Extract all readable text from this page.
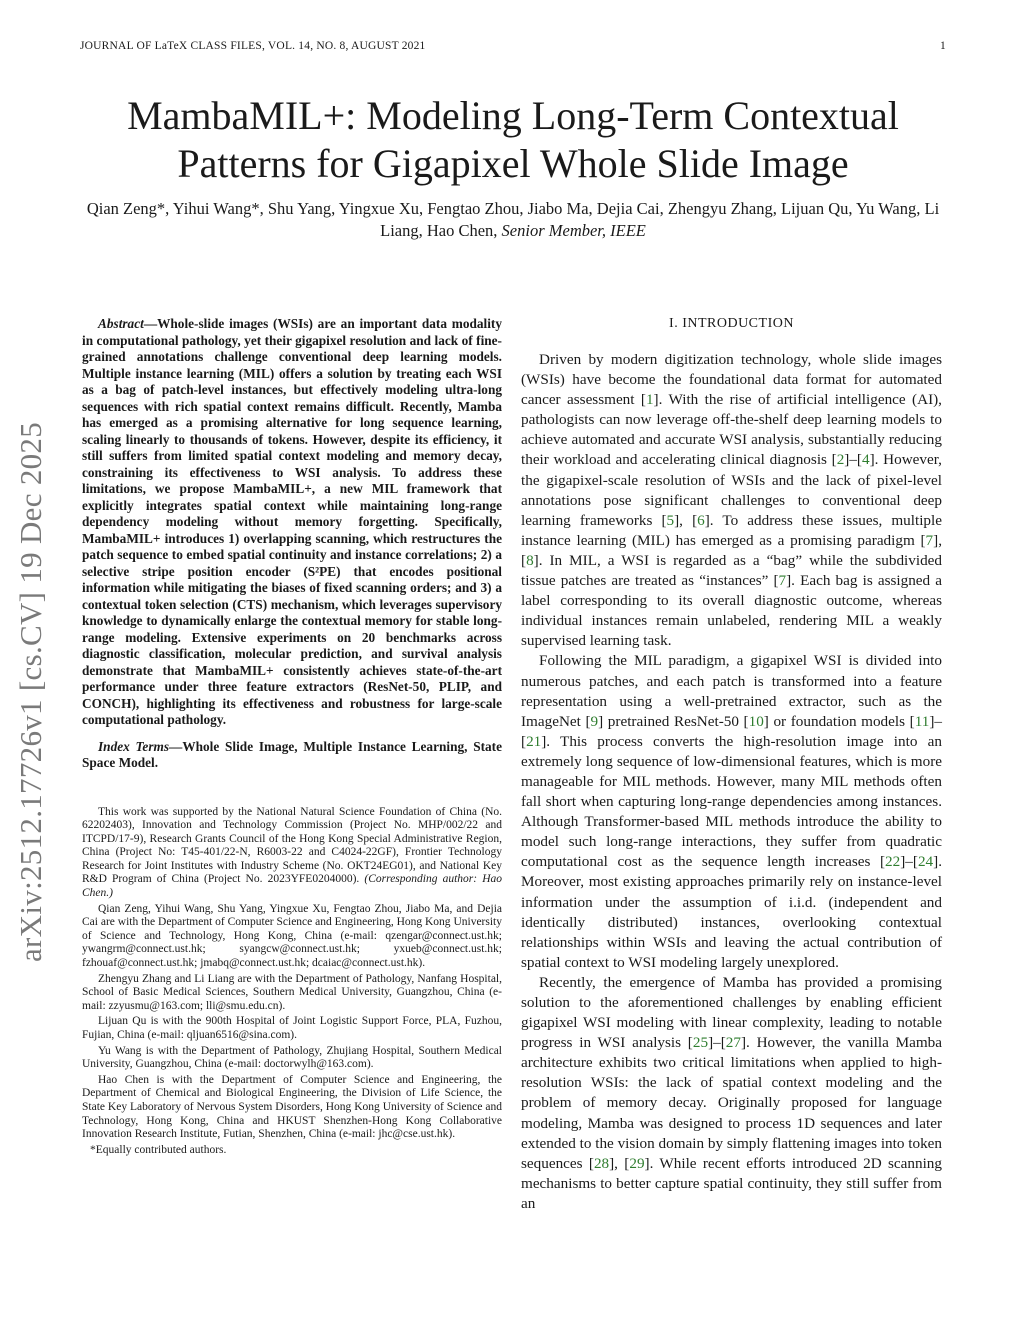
JOURNAL OF LaTeX CLASS FILES, VOL. 14, NO. 8, AUGUST 2021	1
arXiv:2512.17726v1 [cs.CV] 19 Dec 2025
MambaMIL+: Modeling Long-Term Contextual Patterns for Gigapixel Whole Slide Image
Qian Zeng*, Yihui Wang*, Shu Yang, Yingxue Xu, Fengtao Zhou, Jiabo Ma, Dejia Cai, Zhengyu Zhang, Lijuan Qu, Yu Wang, Li Liang, Hao Chen, Senior Member, IEEE

Abstract—Whole-slide images (WSIs) are an important data modality in computational pathology, yet their gigapixel resolution and lack of fine-grained annotations challenge conventional deep learning models. Multiple instance learning (MIL) offers a solution by treating each WSI as a bag of patch-level instances, but effectively modeling ultra-long sequences with rich spatial context remains difficult. Recently, Mamba has emerged as a promising alternative for long sequence learning, scaling linearly to thousands of tokens. However, despite its efficiency, it still suffers from limited spatial context modeling and memory decay, constraining its effectiveness to WSI analysis. To address these limitations, we propose MambaMIL+, a new MIL framework that explicitly integrates spatial context while maintaining long-range dependency modeling without memory forgetting. Specifically, MambaMIL+ introduces 1) overlapping scanning, which restructures the patch sequence to embed spatial continuity and instance correlations; 2) a selective stripe position encoder (S²PE) that encodes positional information while mitigating the biases of fixed scanning orders; and 3) a contextual token selection (CTS) mechanism, which leverages supervisory knowledge to dynamically enlarge the contextual memory for stable long-range modeling. Extensive experiments on 20 benchmarks across diagnostic classification, molecular prediction, and survival analysis demonstrate that MambaMIL+ consistently achieves state-of-the-art performance under three feature extractors (ResNet-50, PLIP, and CONCH), highlighting its effectiveness and robustness for large-scale computational pathology.

Index Terms—Whole Slide Image, Multiple Instance Learning, State Space Model.

This work was supported by the National Natural Science Foundation of China (No. 62202403), Innovation and Technology Commission (Project No. MHP/002/22 and ITCPD/17-9), Research Grants Council of the Hong Kong Special Administrative Region, China (Project No: T45-401/22-N, R6003-22 and C4024-22GF), Frontier Technology Research for Joint Institutes with Industry Scheme (No. OKT24EG01), and National Key R&D Program of China (Project No. 2023YFE0204000). (Corresponding author: Hao Chen.)

Qian Zeng, Yihui Wang, Shu Yang, Yingxue Xu, Fengtao Zhou, Jiabo Ma, and Dejia Cai are with the Department of Computer Science and Engineering, Hong Kong University of Science and Technology, Hong Kong, China (e-mail: qzengar@connect.ust.hk; ywangrm@connect.ust.hk; syangcw@connect.ust.hk; yxueb@connect.ust.hk; fzhouaf@connect.ust.hk; jmabq@connect.ust.hk; dcaiac@connect.ust.hk).

Zhengyu Zhang and Li Liang are with the Department of Pathology, Nanfang Hospital, School of Basic Medical Sciences, Southern Medical University, Guangzhou, China (e-mail: zzyusmu@163.com; lli@smu.edu.cn).

Lijuan Qu is with the 900th Hospital of Joint Logistic Support Force, PLA, Fuzhou, Fujian, China (e-mail: qljuan6516@sina.com).

Yu Wang is with the Department of Pathology, Zhujiang Hospital, Southern Medical University, Guangzhou, China (e-mail: doctorwylh@163.com).

Hao Chen is with the Department of Computer Science and Engineering, the Department of Chemical and Biological Engineering, the Division of Life Science, the State Key Laboratory of Nervous System Disorders, Hong Kong University of Science and Technology, Hong Kong, China and HKUST Shenzhen-Hong Kong Collaborative Innovation Research Institute, Futian, Shenzhen, China (e-mail: jhc@cse.ust.hk).

*Equally contributed authors.

I. INTRODUCTION

Driven by modern digitization technology, whole slide images (WSIs) have become the foundational data format for automated cancer assessment [1]. With the rise of artificial intelligence (AI), pathologists can now leverage off-the-shelf deep learning models to achieve automated and accurate WSI analysis, substantially reducing their workload and accelerating clinical diagnosis [2]–[4]. However, the gigapixel-scale resolution of WSIs and the lack of pixel-level annotations pose significant challenges to conventional deep learning frameworks [5], [6]. To address these issues, multiple instance learning (MIL) has emerged as a promising paradigm [7], [8]. In MIL, a WSI is regarded as a “bag” while the subdivided tissue patches are treated as “instances” [7]. Each bag is assigned a label corresponding to its overall diagnostic outcome, whereas individual instances remain unlabeled, rendering MIL a weakly supervised learning task.

Following the MIL paradigm, a gigapixel WSI is divided into numerous patches, and each patch is transformed into a feature representation using a well-pretrained extractor, such as the ImageNet [9] pretrained ResNet-50 [10] or foundation models [11]–[21]. This process converts the high-resolution image into an extremely long sequence of low-dimensional features, which is more manageable for MIL methods. However, many MIL methods often fall short when capturing long-range dependencies among instances. Although Transformer-based MIL methods introduce the ability to model such long-range interactions, they suffer from quadratic computational cost as the sequence length increases [22]–[24]. Moreover, most existing approaches primarily rely on instance-level information under the assumption of i.i.d. (independent and identically distributed) instances, overlooking contextual relationships within WSIs and leaving the actual contribution of spatial context to WSI modeling largely unexplored.

Recently, the emergence of Mamba has provided a promising solution to the aforementioned challenges by enabling efficient gigapixel WSI modeling with linear complexity, leading to notable progress in WSI analysis [25]–[27]. However, the vanilla Mamba architecture exhibits two critical limitations when applied to high-resolution WSIs: the lack of spatial context modeling and the problem of memory decay. Originally proposed for language modeling, Mamba was designed to process 1D sequences and later extended to the vision domain by simply flattening images into token sequences [28], [29]. While recent efforts introduced 2D scanning mechanisms to better capture spatial continuity, they still suffer from an
